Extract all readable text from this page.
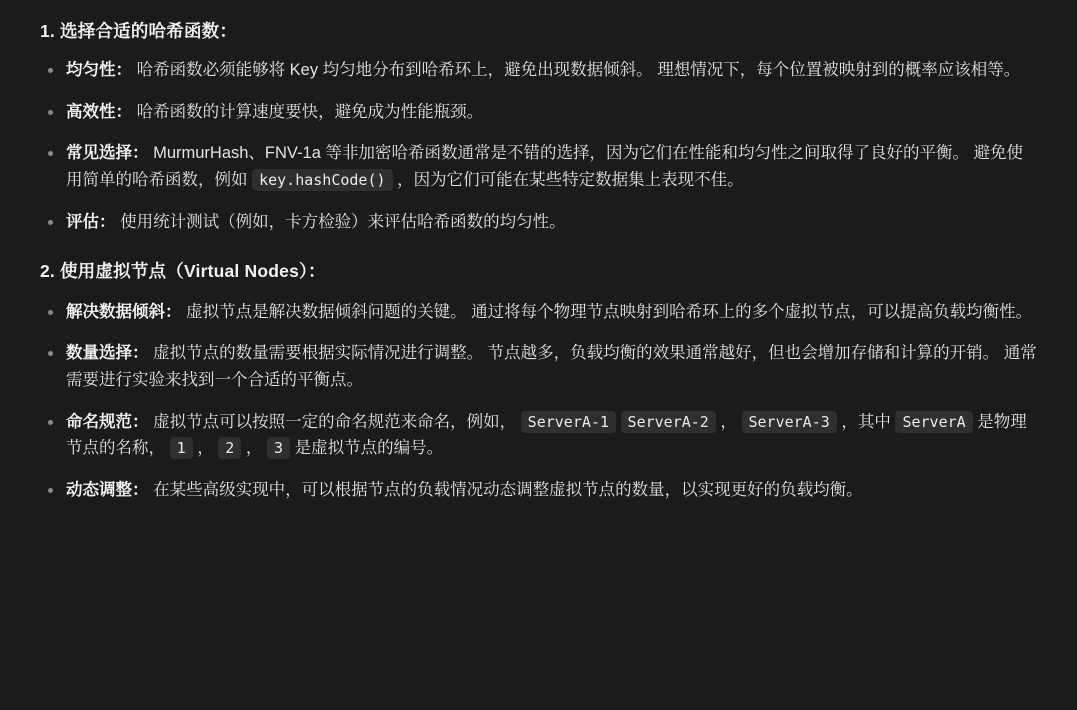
1. 选择合适的哈希函数：
均匀性： 哈希函数必须能够将 Key 均匀地分布到哈希环上，避免出现数据倾斜。 理想情况下，每个位置被映射到的概率应该相等。
高效性： 哈希函数的计算速度要快，避免成为性能瓶颈。
常见选择： MurmurHash、FNV-1a 等非加密哈希函数通常是不错的选择，因为它们在性能和均匀性之间取得了良好的平衡。 避免使用简单的哈希函数，例如 key.hashCode() ，因为它们可能在某些特定数据集上表现不佳。
评估： 使用统计测试（例如，卡方检验）来评估哈希函数的均匀性。
2. 使用虚拟节点（Virtual Nodes）：
解决数据倾斜： 虚拟节点是解决数据倾斜问题的关键。 通过将每个物理节点映射到哈希环上的多个虚拟节点，可以提高负载均衡性。
数量选择： 虚拟节点的数量需要根据实际情况进行调整。 节点越多，负载均衡的效果通常越好，但也会增加存储和计算的开销。 通常需要进行实验来找到一个合适的平衡点。
命名规范： 虚拟节点可以按照一定的命名规范来命名，例如， ServerA-1 ServerA-2 ， ServerA-3 ，其中 ServerA 是物理节点的名称， 1 ， 2 ， 3 是虚拟节点的编号。
动态调整： 在某些高级实现中，可以根据节点的负载情况动态调整虚拟节点的数量，以实现更好的负载均衡。
